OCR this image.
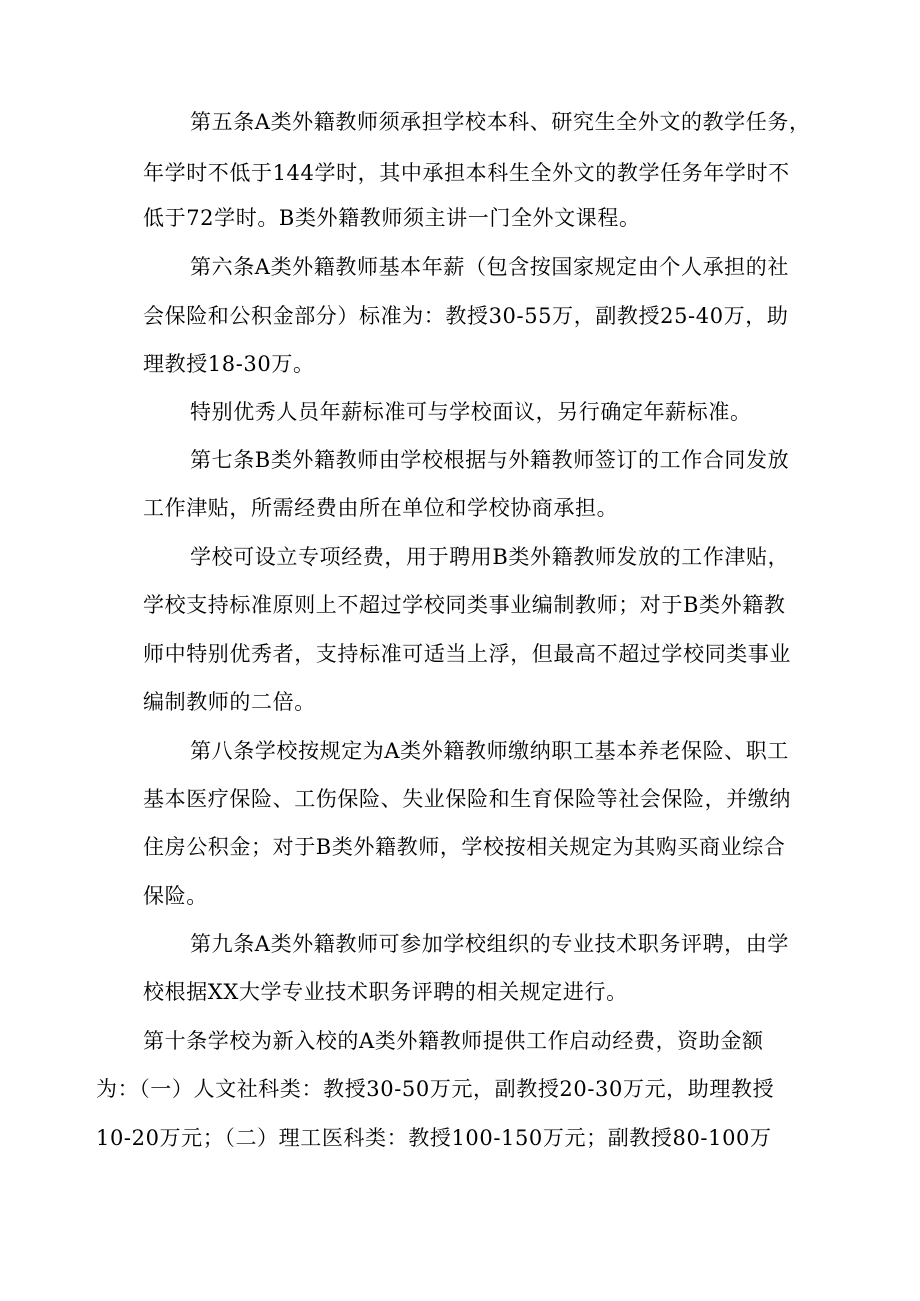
第五条A类外籍教师须承担学校本科、研究生全外文的教学任务，
年学时不低于144学时，其中承担本科生全外文的教学任务年学时不
低于72学时。B类外籍教师须主讲一门全外文课程。
第六条A类外籍教师基本年薪（包含按国家规定由个人承担的社
会保险和公积金部分）标准为：教授30-55万，副教授25-40万，助
理教授18-30万。
特别优秀人员年薪标准可与学校面议，另行确定年薪标准。
第七条B类外籍教师由学校根据与外籍教师签订的工作合同发放
工作津贴，所需经费由所在单位和学校协商承担。
学校可设立专项经费，用于聘用B类外籍教师发放的工作津贴，
学校支持标准原则上不超过学校同类事业编制教师；对于B类外籍教
师中特别优秀者，支持标准可适当上浮，但最高不超过学校同类事业
编制教师的二倍。
第八条学校按规定为A类外籍教师缴纳职工基本养老保险、职工
基本医疗保险、工伤保险、失业保险和生育保险等社会保险，并缴纳
住房公积金；对于B类外籍教师，学校按相关规定为其购买商业综合
保险。
第九条A类外籍教师可参加学校组织的专业技术职务评聘，由学
校根据XX大学专业技术职务评聘的相关规定进行。
第十条学校为新入校的A类外籍教师提供工作启动经费，资助金额
为：（一）人文社科类：教授30-50万元，副教授20-30万元，助理教授
10-20万元；（二）理工医科类：教授100-150万元；副教授80-100万
